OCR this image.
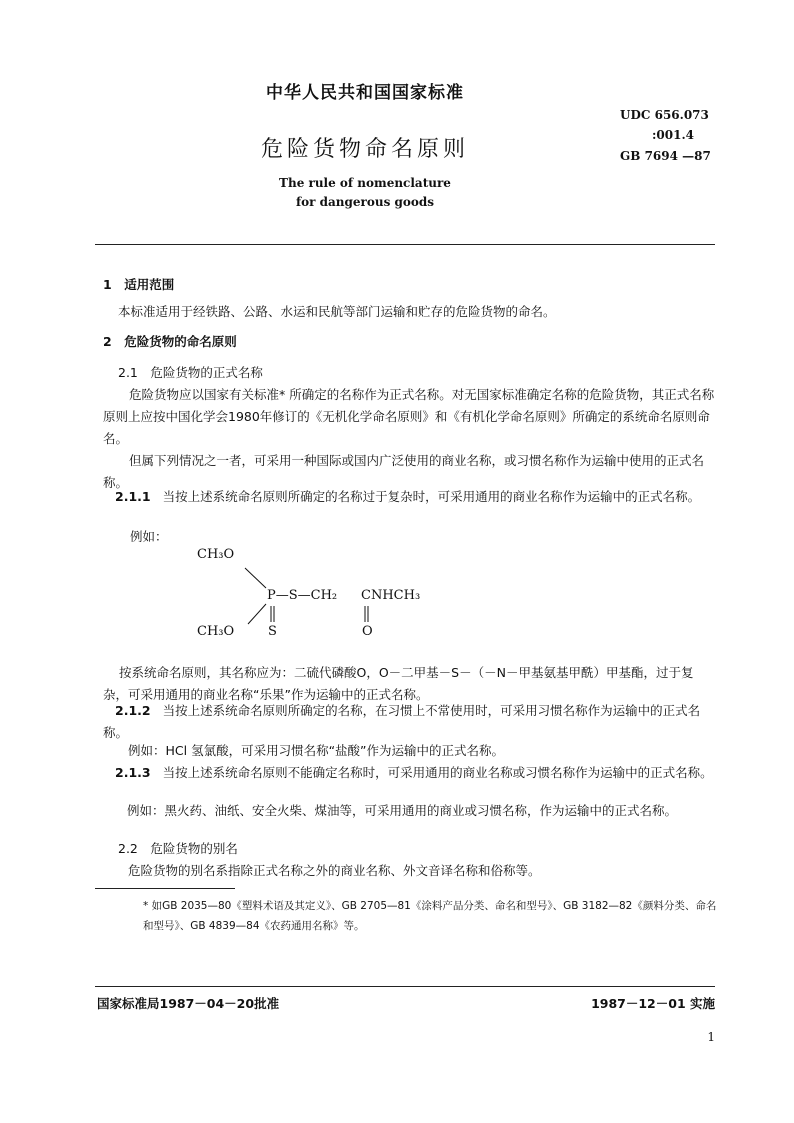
中华人民共和国国家标准
UDC 656.073
:001.4
GB 7694 —87
危险货物命名原则
The rule of nomenclature
for dangerous goods
1　适用范围
本标准适用于经铁路、公路、水运和民航等部门运输和贮存的危险货物的命名。
2　危险货物的命名原则
2.1　危险货物的正式名称
危险货物应以国家有关标准* 所确定的名称作为正式名称。对无国家标准确定名称的危险货物，其正式名称原则上应按中国化学会1980年修订的《无机化学命名原则》和《有机化学命名原则》所确定的系统命名原则命名。
但属下列情况之一者，可采用一种国际或国内广泛使用的商业名称，或习惯名称作为运输中使用的正式名称。
2.1.1 当按上述系统命名原则所确定的名称过于复杂时，可采用通用的商业名称作为运输中的正式名称。
例如：
CH₃O
P—S—CH₂ CNHCH₃
CH₃O	S	O
按系统命名原则，其名称应为：二硫代磷酸O，O－二甲基－S－（－N－甲基氨基甲酰）甲基酯，过于复杂，可采用通用的商业名称“乐果”作为运输中的正式名称。
2.1.2 当按上述系统命名原则所确定的名称，在习惯上不常使用时，可采用习惯名称作为运输中的正式名称。
例如：HCl 氢氯酸，可采用习惯名称“盐酸”作为运输中的正式名称。
2.1.3 当按上述系统命名原则不能确定名称时，可采用通用的商业名称或习惯名称作为运输中的正式名称。
例如：黑火药、油纸、安全火柴、煤油等，可采用通用的商业或习惯名称，作为运输中的正式名称。
2.2　危险货物的别名
危险货物的别名系指除正式名称之外的商业名称、外文音译名称和俗称等。
* 如GB 2035—80《塑料术语及其定义》、GB 2705—81《涂料产品分类、命名和型号》、GB 3182—82《颜料分类、命名和型号》、GB 4839—84《农药通用名称》等。
国家标准局1987－04－20批准	1987－12－01 实施
1
